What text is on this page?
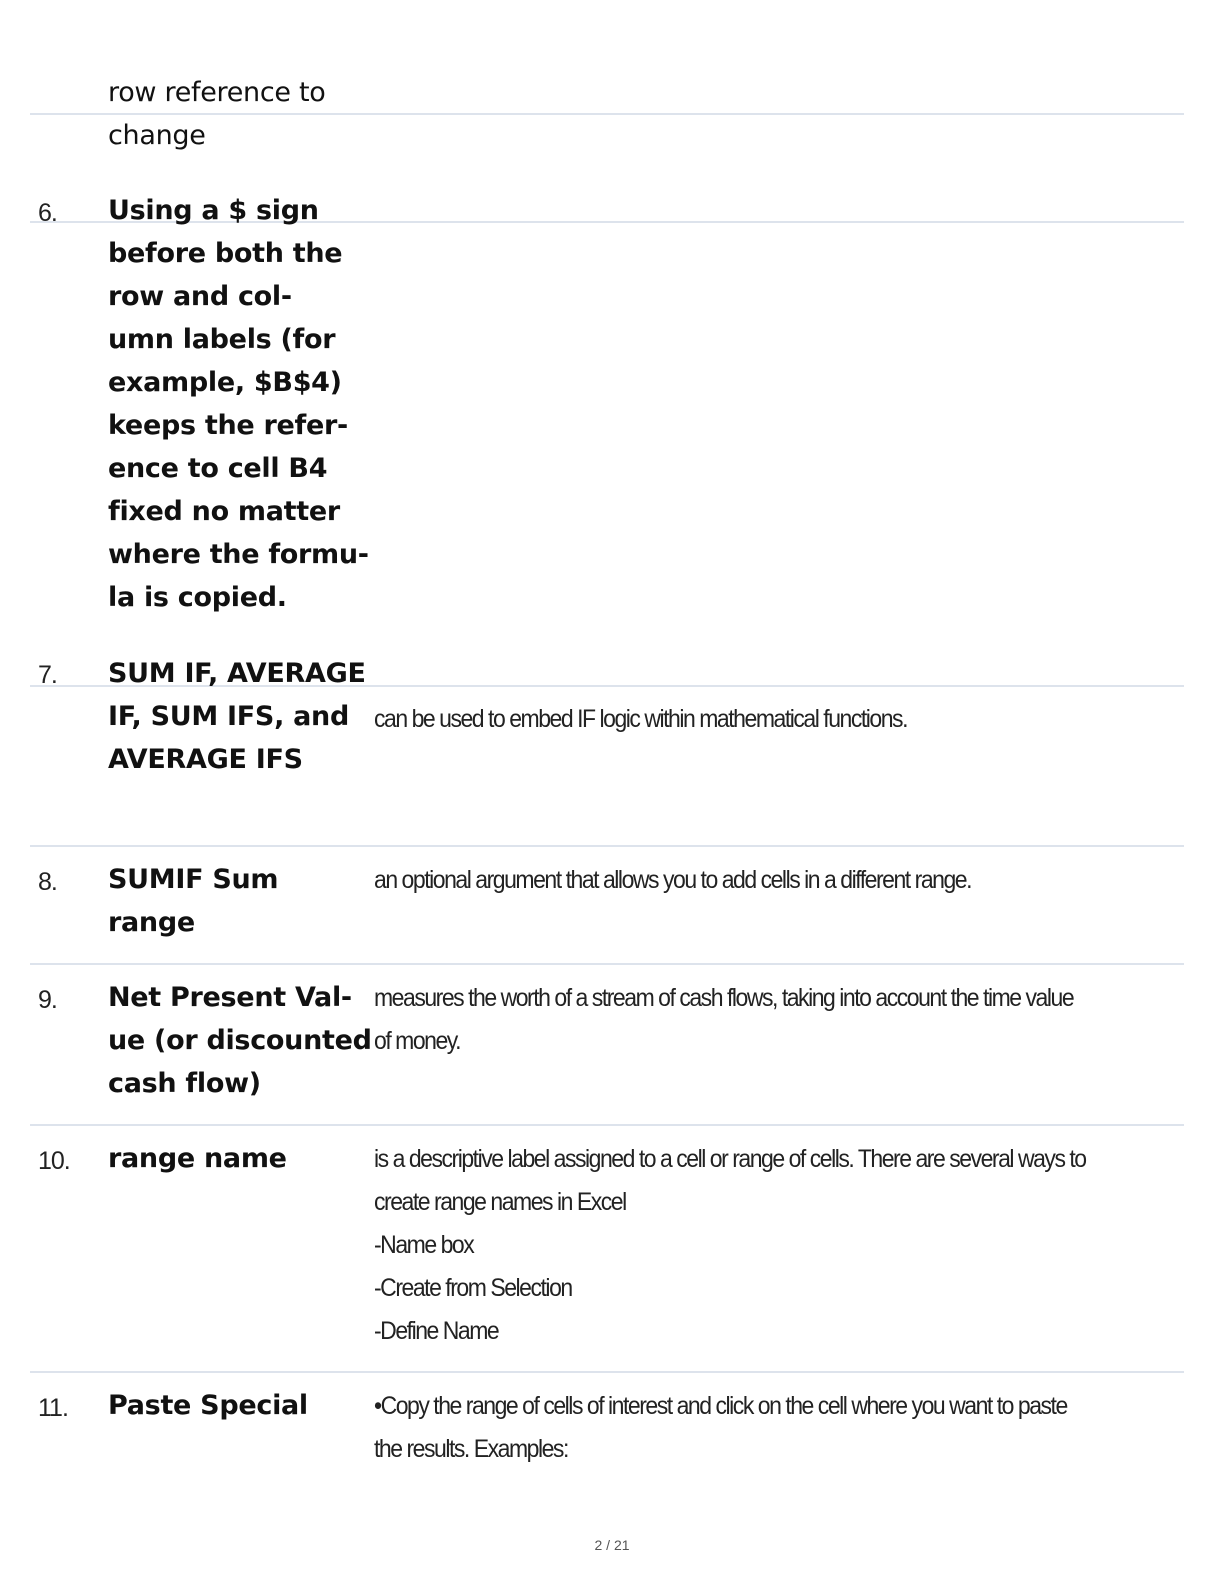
row reference to
change
6. Using a $ sign
before both the
row and col-
umn labels (for
example, $B$4)
keeps the refer-
ence to cell B4
fixed no matter
where the formu-
la is copied.
7. SUM IF, AVERAGE
IF, SUM IFS, and
AVERAGE IFS
can be used to embed IF logic within mathematical functions.
8. SUMIF Sum
range
an optional argument that allows you to add cells in a different range.
9. Net Present Val-
ue (or discounted
cash flow)
measures the worth of a stream of cash flows, taking into account the time value
of money.
10. range name	is a descriptive label assigned to a cell or range of cells. There are several ways to
create range names in Excel
-Name box
-Create from Selection
-Define Name
11. Paste Special	•Copy the range of cells of interest and click on the cell where you want to paste
the results. Examples:
2 / 21
